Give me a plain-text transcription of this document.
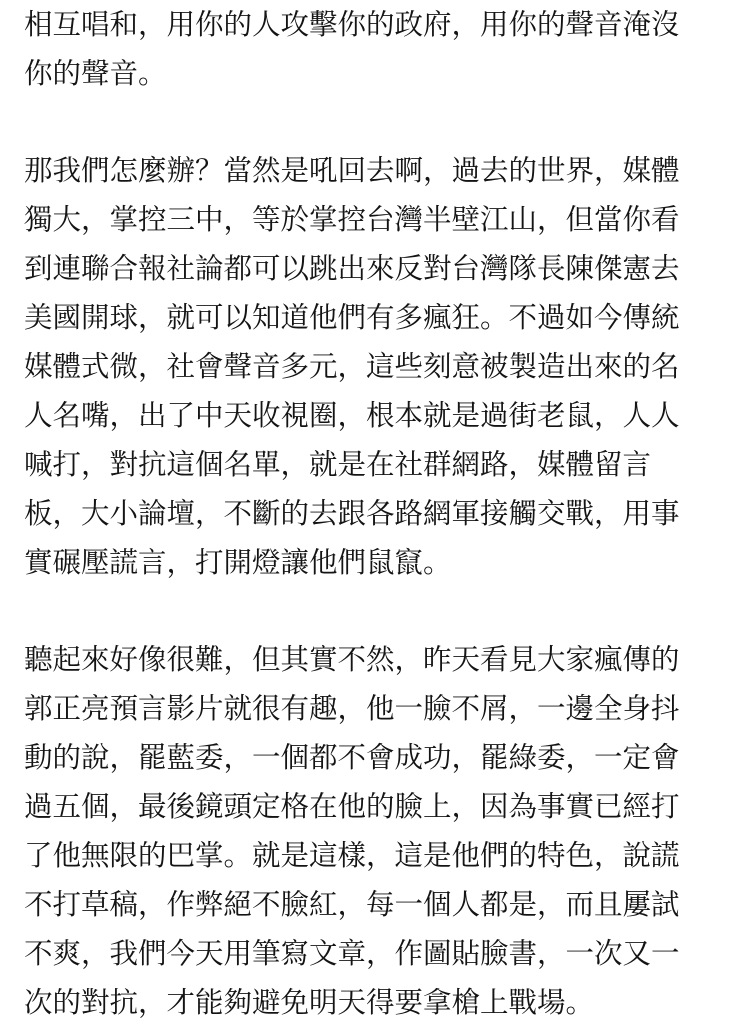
相互唱和，用你的人攻擊你的政府，用你的聲音淹沒
你的聲音。

那我們怎麼辦？當然是吼回去啊，過去的世界，媒體
獨大，掌控三中，等於掌控台灣半壁江山，但當你看
到連聯合報社論都可以跳出來反對台灣隊長陳傑憲去
美國開球，就可以知道他們有多瘋狂。不過如今傳統
媒體式微，社會聲音多元，這些刻意被製造出來的名
人名嘴，出了中天收視圈，根本就是過街老鼠，人人
喊打，對抗這個名單，就是在社群網路，媒體留言
板，大小論壇，不斷的去跟各路網軍接觸交戰，用事
實碾壓謊言，打開燈讓他們鼠竄。

聽起來好像很難，但其實不然，昨天看見大家瘋傳的
郭正亮預言影片就很有趣，他一臉不屑，一邊全身抖
動的說，罷藍委，一個都不會成功，罷綠委，一定會
過五個，最後鏡頭定格在他的臉上，因為事實已經打
了他無限的巴掌。就是這樣，這是他們的特色，說謊
不打草稿，作弊絕不臉紅，每一個人都是，而且屢試
不爽，我們今天用筆寫文章，作圖貼臉書，一次又一
次的對抗，才能夠避免明天得要拿槍上戰場。
